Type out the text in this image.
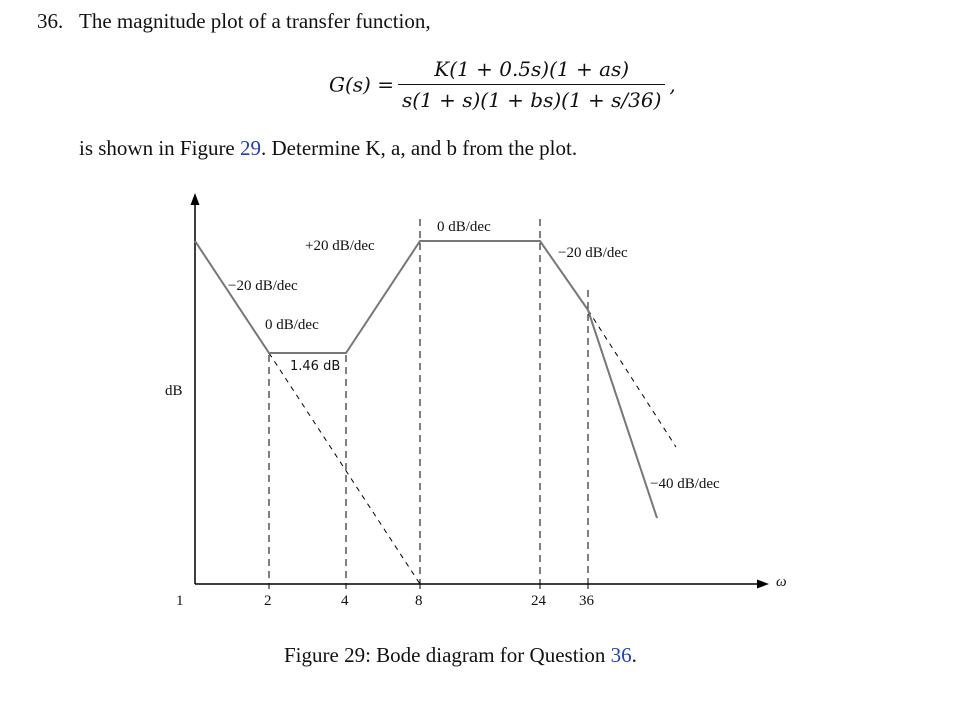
36. The magnitude plot of a transfer function,
$G(s) = \frac{K(1 + 0.5s)(1 + as)}{s(1 + s)(1 + bs)(1 + s/36)}$ ,
is shown in Figure 29. Determine K, a, and b from the plot.
dB
ω
1	2	4	8	24 36
−20 dB/dec
0 dB/dec
+20 dB/dec
0 dB/dec
−20 dB/dec
−40 dB/dec
1.46 dB
Figure 29: Bode diagram for Question 36.
